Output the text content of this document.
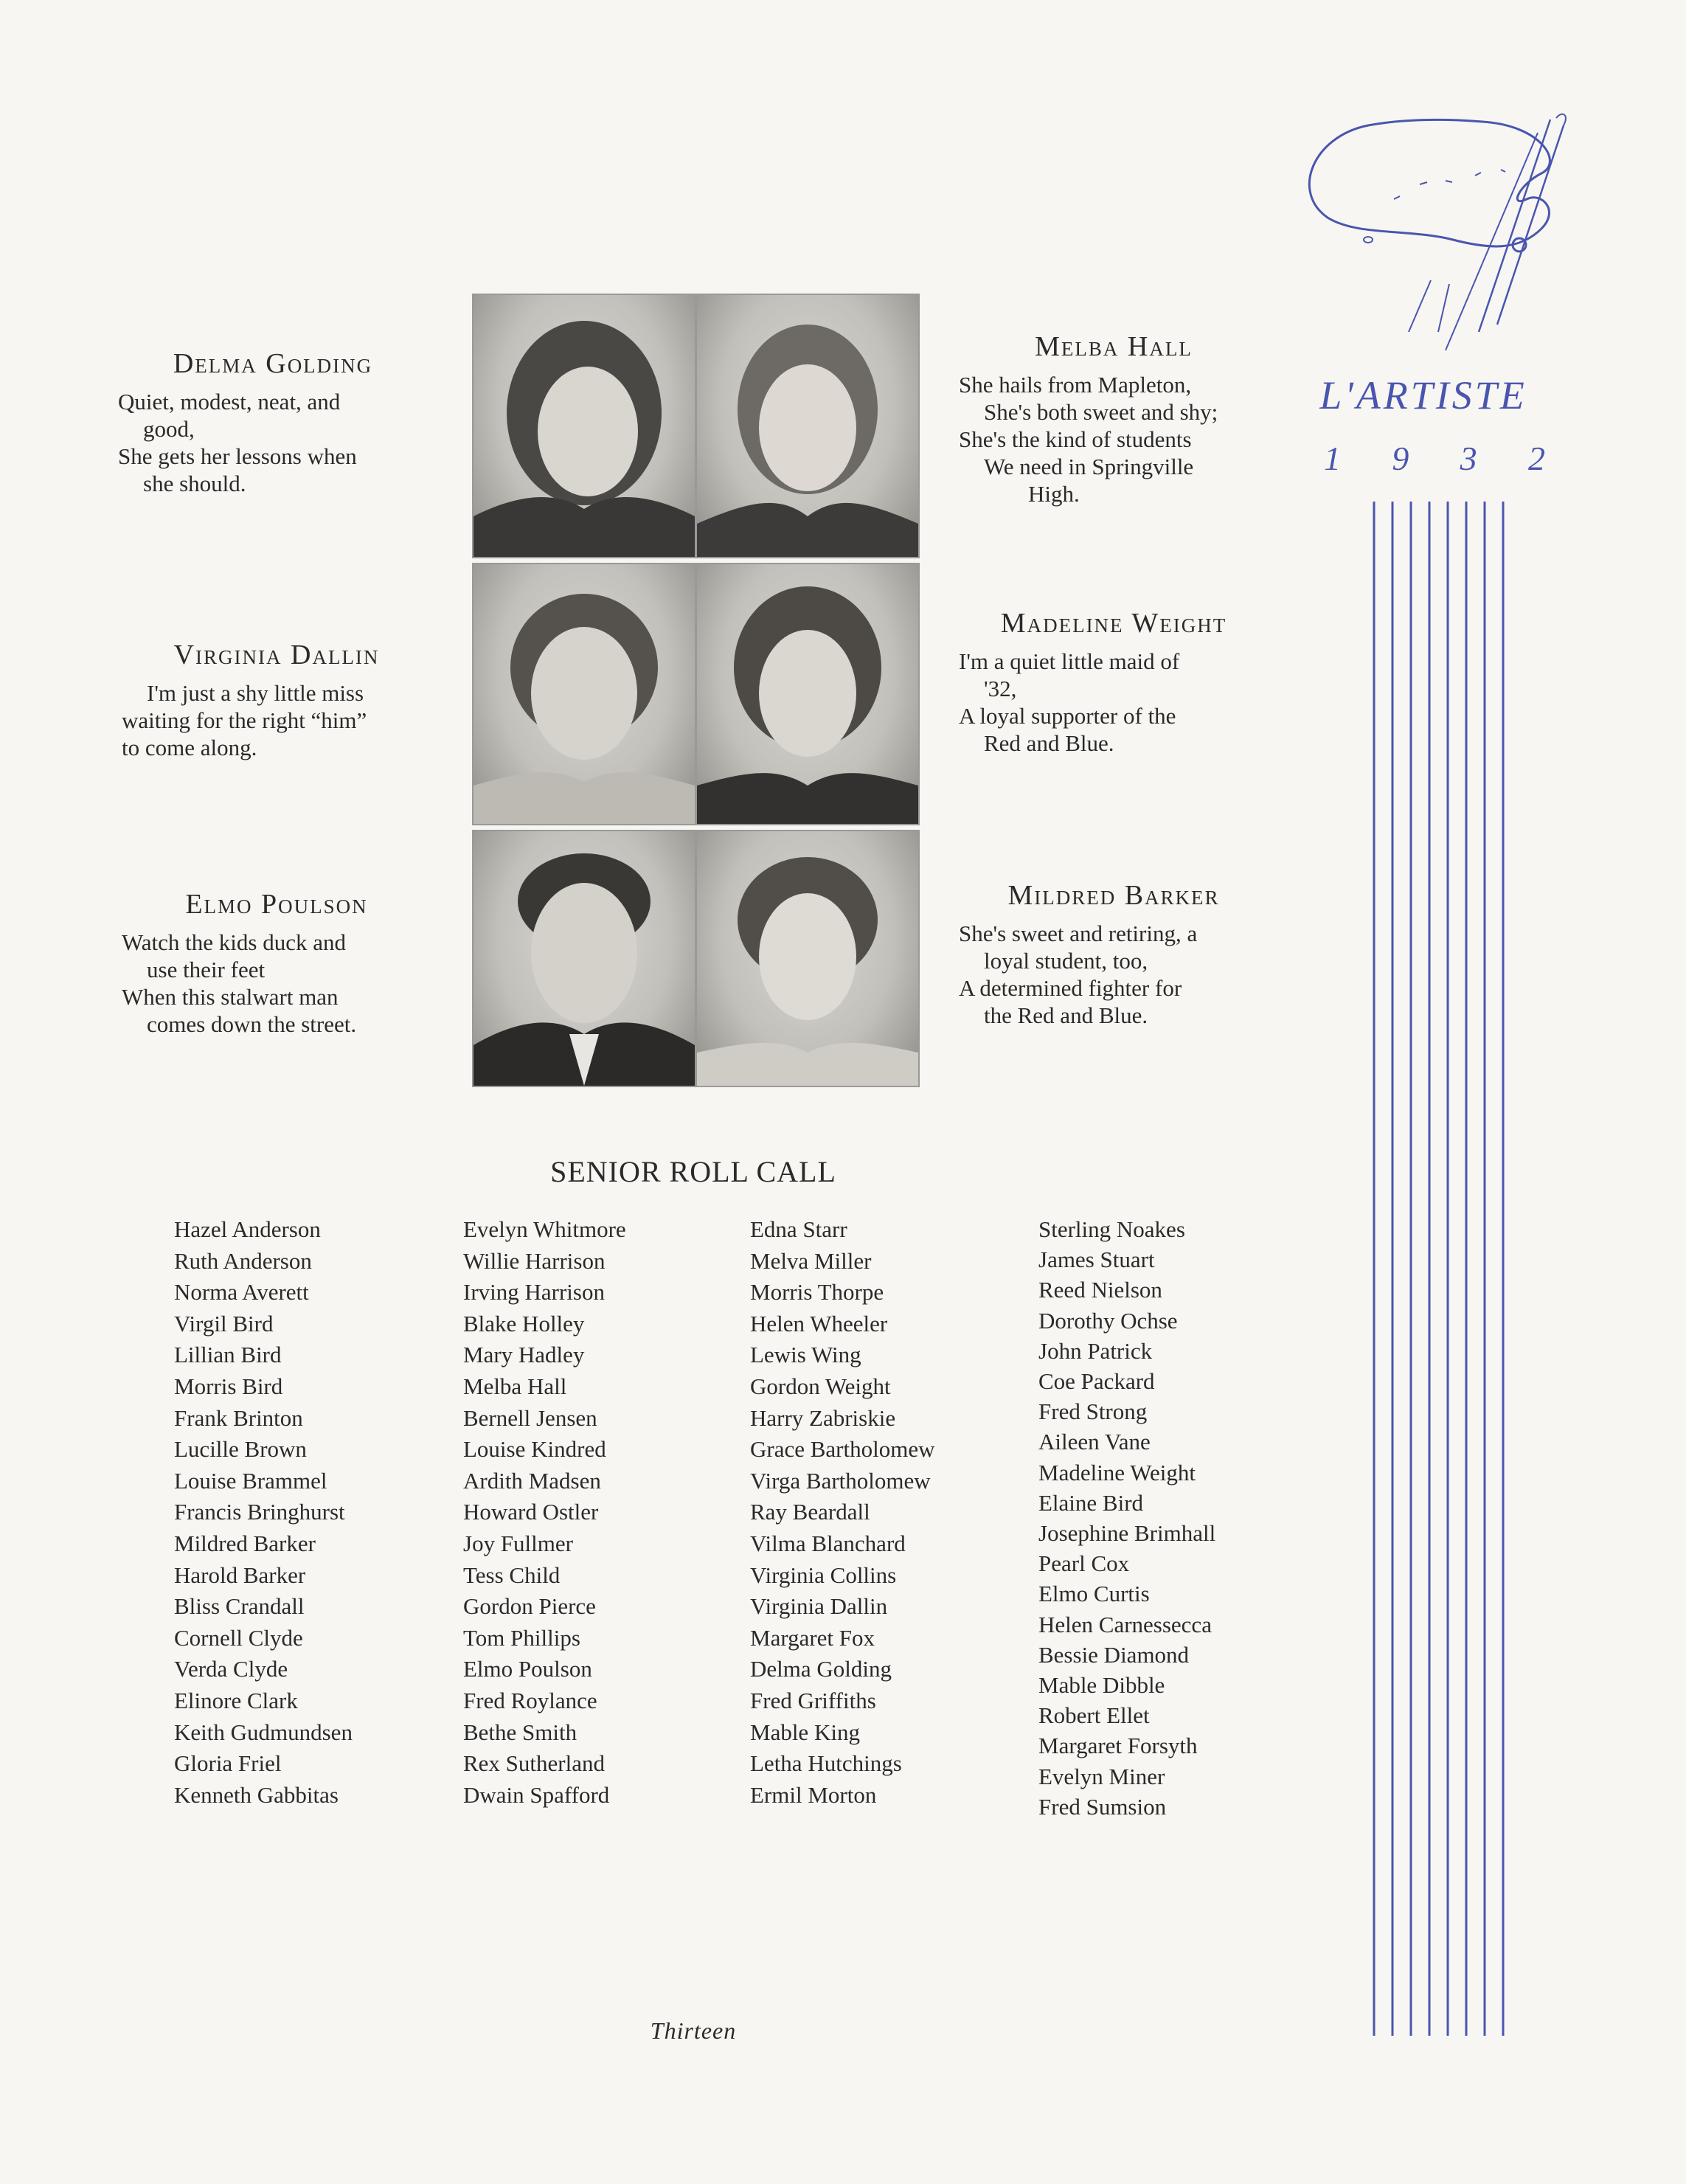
L'ARTISTE
1 9 3 2
Delma Golding
Quiet, modest, neat, and
good,
She gets her lessons when
she should.
Melba Hall
She hails from Mapleton,
She's both sweet and shy;
She's the kind of students
We need in Springville
High.
Virginia Dallin
I'm just a shy little miss
waiting for the right “him”
to come along.
Madeline Weight
I'm a quiet little maid of
'32,
A loyal supporter of the
Red and Blue.
Elmo Poulson
Watch the kids duck and
use their feet
When this stalwart man
comes down the street.
Mildred Barker
She's sweet and retiring, a
loyal student, too,
A determined fighter for
the Red and Blue.
SENIOR ROLL CALL
Hazel Anderson
Ruth Anderson
Norma Averett
Virgil Bird
Lillian Bird
Morris Bird
Frank Brinton
Lucille Brown
Louise Brammel
Francis Bringhurst
Mildred Barker
Harold Barker
Bliss Crandall
Cornell Clyde
Verda Clyde
Elinore Clark
Keith Gudmundsen
Gloria Friel
Kenneth Gabbitas
Evelyn Whitmore
Willie Harrison
Irving Harrison
Blake Holley
Mary Hadley
Melba Hall
Bernell Jensen
Louise Kindred
Ardith Madsen
Howard Ostler
Joy Fullmer
Tess Child
Gordon Pierce
Tom Phillips
Elmo Poulson
Fred Roylance
Bethe Smith
Rex Sutherland
Dwain Spafford
Edna Starr
Melva Miller
Morris Thorpe
Helen Wheeler
Lewis Wing
Gordon Weight
Harry Zabriskie
Grace Bartholomew
Virga Bartholomew
Ray Beardall
Vilma Blanchard
Virginia Collins
Virginia Dallin
Margaret Fox
Delma Golding
Fred Griffiths
Mable King
Letha Hutchings
Ermil Morton
Sterling Noakes
James Stuart
Reed Nielson
Dorothy Ochse
John Patrick
Coe Packard
Fred Strong
Aileen Vane
Madeline Weight
Elaine Bird
Josephine Brimhall
Pearl Cox
Elmo Curtis
Helen Carnessecca
Bessie Diamond
Mable Dibble
Robert Ellet
Margaret Forsyth
Evelyn Miner
Fred Sumsion
Thirteen
